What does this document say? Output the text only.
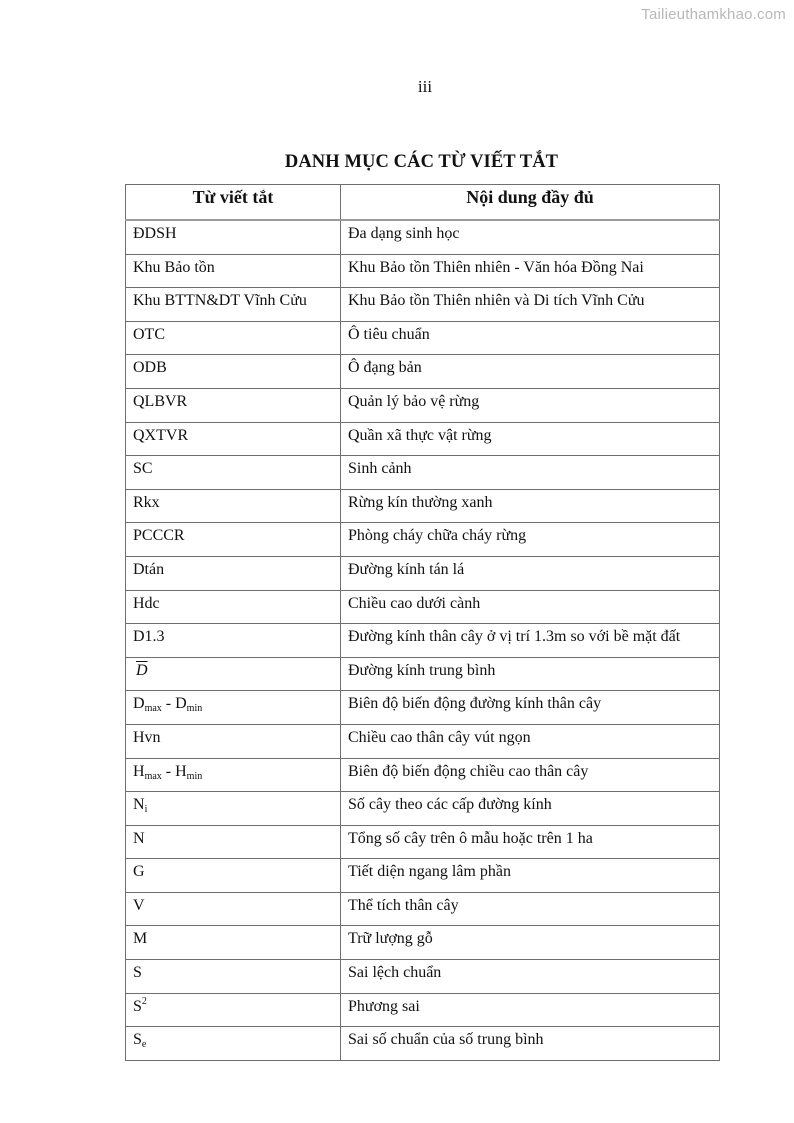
Tailieuthamkhao.com
iii
DANH MỤC CÁC TỪ VIẾT TẮT
Từ viết tắt	Nội dung đầy đủ
ĐDSH	Đa dạng sinh học
Khu Bảo tồn	Khu Bảo tồn Thiên nhiên - Văn hóa Đồng Nai
Khu BTTN&DT Vĩnh Cửu	Khu Bảo tồn Thiên nhiên và Di tích Vĩnh Cửu
OTC	Ô tiêu chuẩn
ODB	Ô đạng bản
QLBVR	Quản lý bảo vệ rừng
QXTVR	Quần xã thực vật rừng
SC	Sinh cảnh
Rkx	Rừng kín thường xanh
PCCCR	Phòng cháy chữa cháy rừng
Dtán	Đường kính tán lá
Hdc	Chiều cao dưới cành
D1.3	Đường kính thân cây ở vị trí 1.3m so với bề mặt đất
$\overline{D}$	Đường kính trung bình
$D_{max} - D_{min}$	Biên độ biến động đường kính thân cây
Hvn	Chiều cao thân cây vút ngọn
$H_{max} - H_{min}$	Biên độ biến động chiều cao thân cây
$N_i$	Số cây theo các cấp đường kính
N	Tổng số cây trên ô mẫu hoặc trên 1 ha
G	Tiết diện ngang lâm phần
V	Thể tích thân cây
M	Trữ lượng gỗ
S	Sai lệch chuẩn
$S^2$	Phương sai
$S_e$	Sai số chuẩn của số trung bình
